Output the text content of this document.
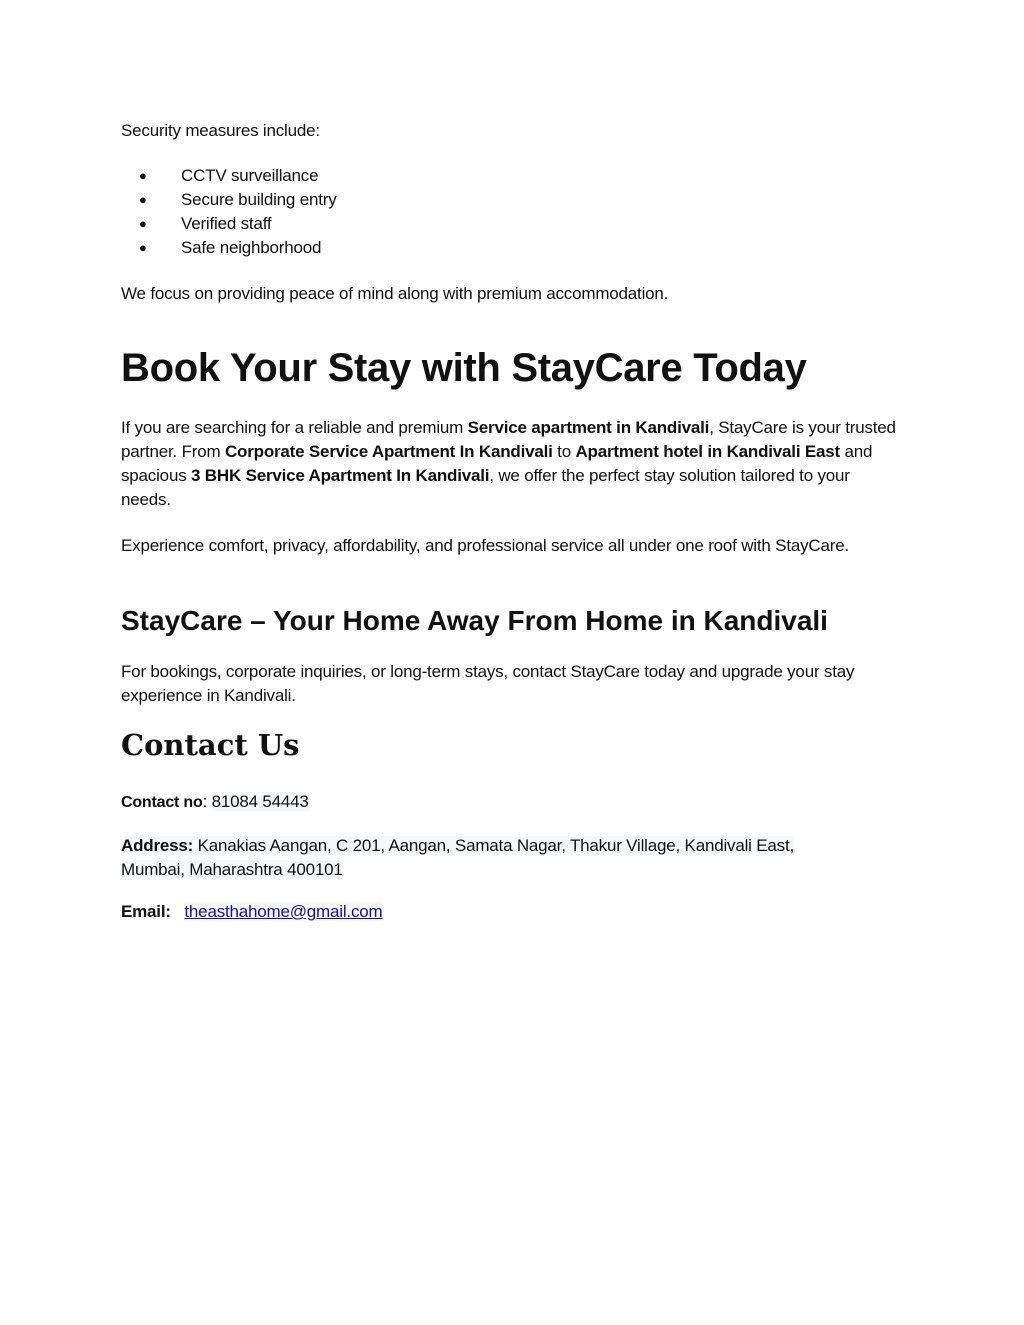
Security measures include:
● CCTV surveillance
● Secure building entry
● Verified staff
● Safe neighborhood
We focus on providing peace of mind along with premium accommodation.
Book Your Stay with StayCare Today

If you are searching for a reliable and premium Service apartment in Kandivali, StayCare is your trusted partner. From Corporate Service Apartment In Kandivali to Apartment hotel in Kandivali East and spacious 3 BHK Service Apartment In Kandivali, we offer the perfect stay solution tailored to your needs.

Experience comfort, privacy, affordability, and professional service all under one roof with StayCare.

StayCare – Your Home Away From Home in Kandivali

For bookings, corporate inquiries, or long-term stays, contact StayCare today and upgrade your stay experience in Kandivali.

Contact Us
Contact no: 81084 54443
Address: Kanakias Aangan, C 201, Aangan, Samata Nagar, Thakur Village, Kandivali East, Mumbai, Maharashtra 400101
Email: theasthahome@gmail.com
